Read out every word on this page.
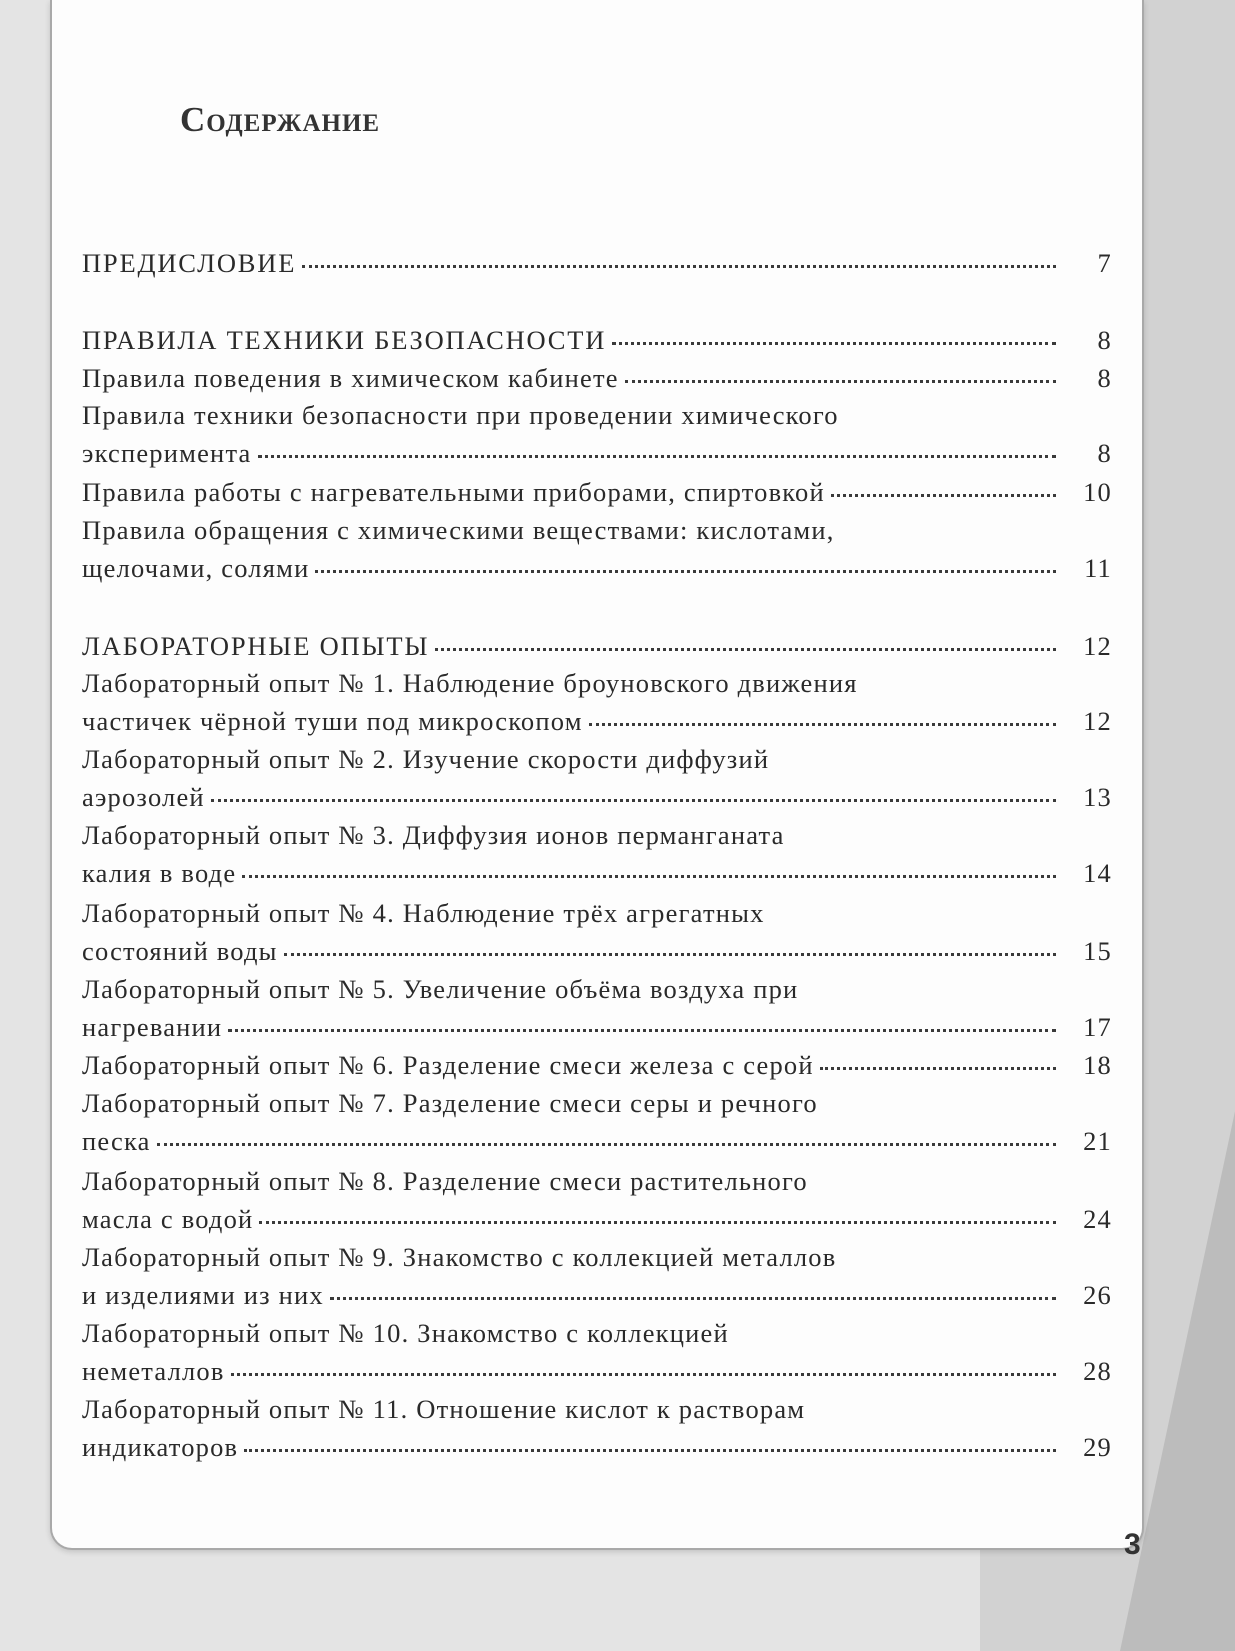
Содержание
ПРЕДИСЛОВИЕ	7
ПРАВИЛА ТЕХНИКИ БЕЗОПАСНОСТИ	8
Правила поведения в химическом кабинете	8
Правила техники безопасности при проведении химического
эксперимента	8
Правила работы с нагревательными приборами, спиртовкой	10
Правила обращения с химическими веществами: кислотами,
щелочами, солями	11
ЛАБОРАТОРНЫЕ ОПЫТЫ	12
Лабораторный опыт № 1. Наблюдение броуновского движения
частичек чёрной туши под микроскопом	12
Лабораторный опыт № 2. Изучение скорости диффузий
аэрозолей	13
Лабораторный опыт № 3. Диффузия ионов перманганата
калия в воде	14
Лабораторный опыт № 4. Наблюдение трёх агрегатных
состояний воды	15
Лабораторный опыт № 5. Увеличение объёма воздуха при
нагревании	17
Лабораторный опыт № 6. Разделение смеси железа с серой	18
Лабораторный опыт № 7. Разделение смеси серы и речного
песка	21
Лабораторный опыт № 8. Разделение смеси растительного
масла с водой	24
Лабораторный опыт № 9. Знакомство с коллекцией металлов
и изделиями из них	26
Лабораторный опыт № 10. Знакомство с коллекцией
неметаллов	28
Лабораторный опыт № 11. Отношение кислот к растворам
индикаторов	29
3
